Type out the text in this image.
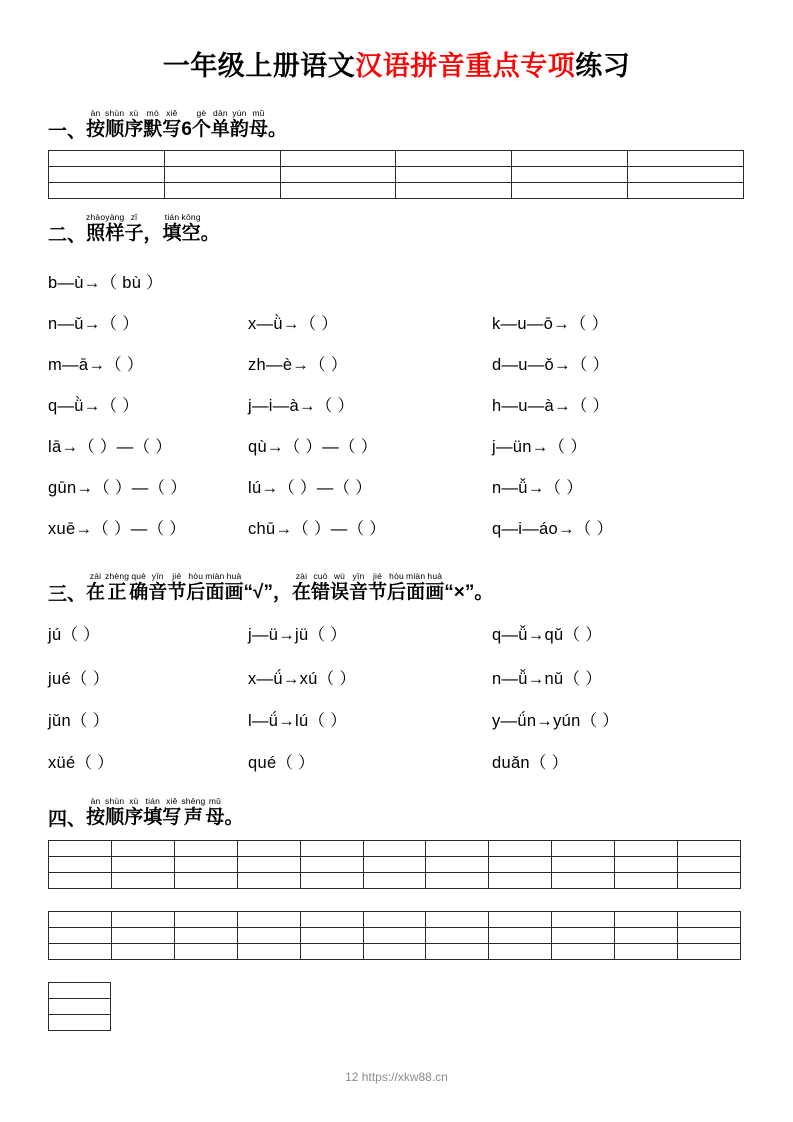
一年级上册语文汉语拼音重点专项练习
一、
àn
按
shùn
顺
xù
序
mò
默
xiě
写 6
gè
个
dān
单
yùn
韵
mǔ
母 。

二、
zhào
照
yàng
样
zǐ
子 ，
tián
填
kōng
空 。
b—ù→（ bù ）
n—ǔ→（ ）	x—ǜ→（ ）	k—u—ō→（ ）
m—ā→（ ）	zh—è→（ ）	d—u—ǒ→（ ）
q—ǜ→（ ）	j—i—à→（ ）	h—u—à→（ ）
lā→（ ）—（ ）	qù→（ ）—（ ）	j—ün→（ ）
gūn→（ ）—（ ）	lú→（ ）—（ ）	n—ǚ→（ ）
xuē→（ ）—（ ）	chū→（ ）—（ ）	q—i—áo→（ ）
三、
zài
在
zhèng
正
què
确
yīn
音
jié
节
hòu
后
miàn
面
huà
画 “√”，
zài
在
cuò
错
wù
误
yīn
音
jié
节
hòu
后
miàn
面
huà
画 “×”。
jú（ ）	j—ü→jü（ ）	q—ǚ→qǔ（ ）
jué（ ）	x—ǘ→xú（ ）	n—ǚ→nǔ（ ）
jǔn（ ）	l—ǘ→lú（ ）	y—ǘn→yún（ ）
xüé（ ）	qué（ ）	duǎn（ ）
四、
àn
按
shùn
顺
xù
序
tián
填
xiě
写
shēng
声
mǔ
母 。

12 https://xkw88.cn
